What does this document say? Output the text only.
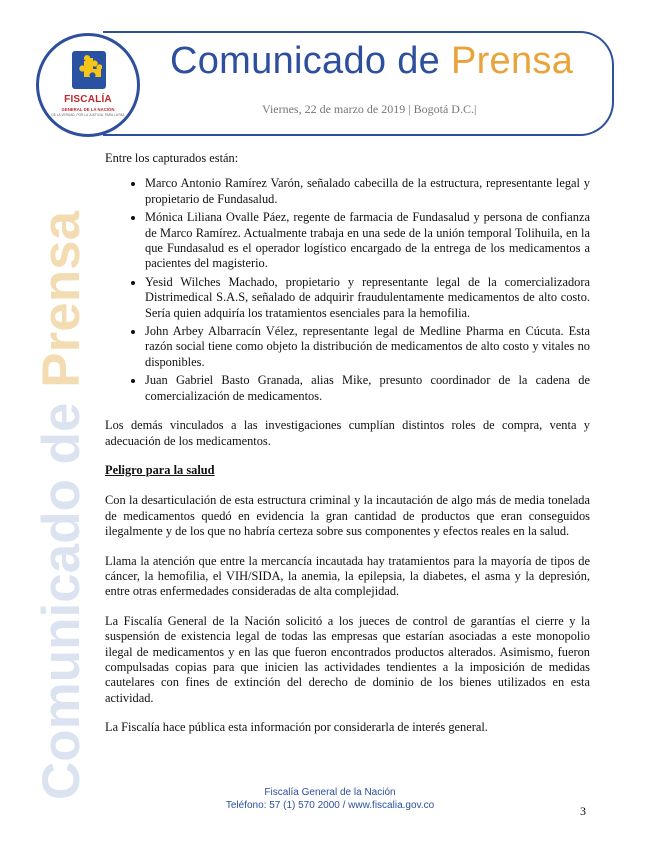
FISCALÍA
GENERAL DE LA NACIÓN
DE LA VERDAD, POR LA JUSTICIA, PARA LA PAZ
Comunicado de Prensa
Viernes, 22 de marzo de 2019 | Bogotá D.C.|
Comunicado de Prensa

Entre los capturados están:

• Marco Antonio Ramírez Varón, señalado cabecilla de la estructura, representante legal y propietario de Fundasalud.
• Mónica Liliana Ovalle Páez, regente de farmacia de Fundasalud y persona de confianza de Marco Ramírez. Actualmente trabaja en una sede de la unión temporal Tolihuila, en la que Fundasalud es el operador logístico encargado de la entrega de los medicamentos a pacientes del magisterio.
• Yesid Wilches Machado, propietario y representante legal de la comercializadora Distrimedical S.A.S, señalado de adquirir fraudulentamente medicamentos de alto costo. Sería quien adquiría los tratamientos esenciales para la hemofilia.
• John Arbey Albarracín Vélez, representante legal de Medline Pharma en Cúcuta. Esta razón social tiene como objeto la distribución de medicamentos de alto costo y vitales no disponibles.
• Juan Gabriel Basto Granada, alias Mike, presunto coordinador de la cadena de comercialización de medicamentos.

Los demás vinculados a las investigaciones cumplían distintos roles de compra, venta y adecuación de los medicamentos.

Peligro para la salud

Con la desarticulación de esta estructura criminal y la incautación de algo más de media tonelada de medicamentos quedó en evidencia la gran cantidad de productos que eran conseguidos ilegalmente y de los que no habría certeza sobre sus componentes y efectos reales en la salud.

Llama la atención que entre la mercancía incautada hay tratamientos para la mayoría de tipos de cáncer, la hemofilia, el VIH/SIDA, la anemia, la epilepsia, la diabetes, el asma y la depresión, entre otras enfermedades consideradas de alta complejidad.

La Fiscalía General de la Nación solicitó a los jueces de control de garantías el cierre y la suspensión de existencia legal de todas las empresas que estarían asociadas a este monopolio ilegal de medicamentos y en las que fueron encontrados productos alterados. Asimismo, fueron compulsadas copias para que inicien las actividades tendientes a la imposición de medidas cautelares con fines de extinción del derecho de dominio de los bienes utilizados en esta actividad.

La Fiscalía hace pública esta información por considerarla de interés general.

Fiscalía General de la Nación
Teléfono: 57 (1) 570 2000 / www.fiscalia.gov.co	3
